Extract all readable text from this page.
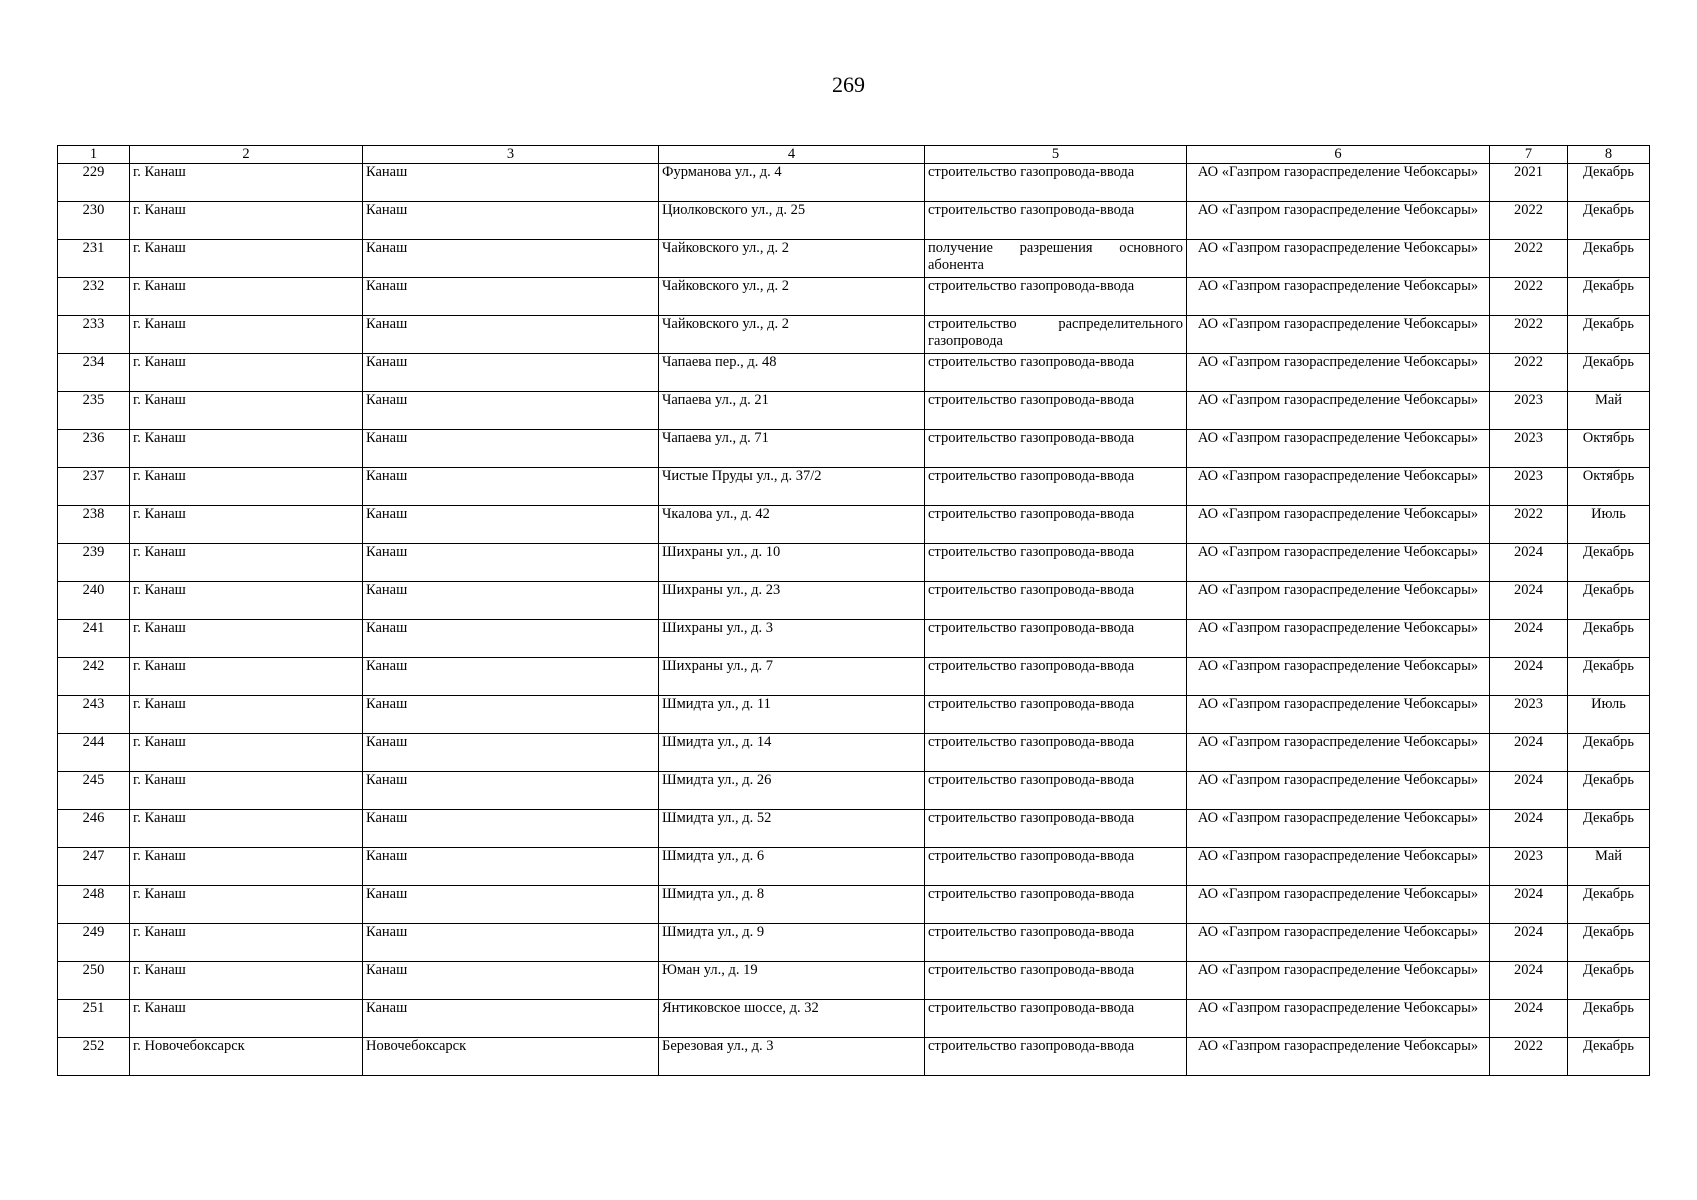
269
1	2	3	4	5	6	7	8
229	г. Канаш	Канаш	Фурманова ул., д. 4	строительство газопровода-ввода	АО «Газпром газораспределение Чебоксары»	2021	Декабрь
230	г. Канаш	Канаш	Циолковского ул., д. 25	строительство газопровода-ввода	АО «Газпром газораспределение Чебоксары»	2022	Декабрь
231	г. Канаш	Канаш	Чайковского ул., д. 2	получение разрешения основного абонента	АО «Газпром газораспределение Чебоксары»	2022	Декабрь
232	г. Канаш	Канаш	Чайковского ул., д. 2	строительство газопровода-ввода	АО «Газпром газораспределение Чебоксары»	2022	Декабрь
233	г. Канаш	Канаш	Чайковского ул., д. 2	строительство распределительного газопровода	АО «Газпром газораспределение Чебоксары»	2022	Декабрь
234	г. Канаш	Канаш	Чапаева пер., д. 48	строительство газопровода-ввода	АО «Газпром газораспределение Чебоксары»	2022	Декабрь
235	г. Канаш	Канаш	Чапаева ул., д. 21	строительство газопровода-ввода	АО «Газпром газораспределение Чебоксары»	2023	Май
236	г. Канаш	Канаш	Чапаева ул., д. 71	строительство газопровода-ввода	АО «Газпром газораспределение Чебоксары»	2023	Октябрь
237	г. Канаш	Канаш	Чистые Пруды ул., д. 37/2	строительство газопровода-ввода	АО «Газпром газораспределение Чебоксары»	2023	Октябрь
238	г. Канаш	Канаш	Чкалова ул., д. 42	строительство газопровода-ввода	АО «Газпром газораспределение Чебоксары»	2022	Июль
239	г. Канаш	Канаш	Шихраны ул., д. 10	строительство газопровода-ввода	АО «Газпром газораспределение Чебоксары»	2024	Декабрь
240	г. Канаш	Канаш	Шихраны ул., д. 23	строительство газопровода-ввода	АО «Газпром газораспределение Чебоксары»	2024	Декабрь
241	г. Канаш	Канаш	Шихраны ул., д. 3	строительство газопровода-ввода	АО «Газпром газораспределение Чебоксары»	2024	Декабрь
242	г. Канаш	Канаш	Шихраны ул., д. 7	строительство газопровода-ввода	АО «Газпром газораспределение Чебоксары»	2024	Декабрь
243	г. Канаш	Канаш	Шмидта ул., д. 11	строительство газопровода-ввода	АО «Газпром газораспределение Чебоксары»	2023	Июль
244	г. Канаш	Канаш	Шмидта ул., д. 14	строительство газопровода-ввода	АО «Газпром газораспределение Чебоксары»	2024	Декабрь
245	г. Канаш	Канаш	Шмидта ул., д. 26	строительство газопровода-ввода	АО «Газпром газораспределение Чебоксары»	2024	Декабрь
246	г. Канаш	Канаш	Шмидта ул., д. 52	строительство газопровода-ввода	АО «Газпром газораспределение Чебоксары»	2024	Декабрь
247	г. Канаш	Канаш	Шмидта ул., д. 6	строительство газопровода-ввода	АО «Газпром газораспределение Чебоксары»	2023	Май
248	г. Канаш	Канаш	Шмидта ул., д. 8	строительство газопровода-ввода	АО «Газпром газораспределение Чебоксары»	2024	Декабрь
249	г. Канаш	Канаш	Шмидта ул., д. 9	строительство газопровода-ввода	АО «Газпром газораспределение Чебоксары»	2024	Декабрь
250	г. Канаш	Канаш	Юман ул., д. 19	строительство газопровода-ввода	АО «Газпром газораспределение Чебоксары»	2024	Декабрь
251	г. Канаш	Канаш	Янтиковское шоссе, д. 32	строительство газопровода-ввода	АО «Газпром газораспределение Чебоксары»	2024	Декабрь
252	г. Новочебоксарск	Новочебоксарск	Березовая ул., д. 3	строительство газопровода-ввода	АО «Газпром газораспределение Чебоксары»	2022	Декабрь
